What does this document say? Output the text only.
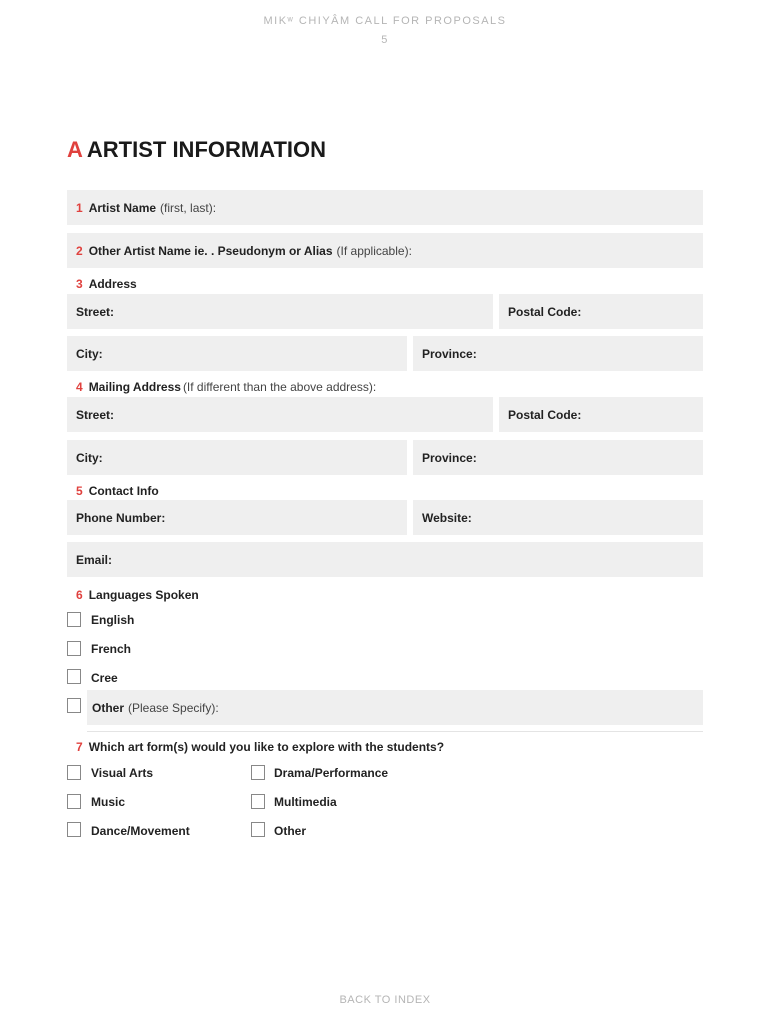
MIKʷ CHIYÂM CALL FOR PROPOSALS
5
A ARTIST INFORMATION
1 Artist Name (first, last):
2 Other Artist Name ie. . Pseudonym or Alias (If applicable):
3 Address
Street:	Postal Code:
City:	Province:
4 Mailing Address (If different than the above address):
Street:	Postal Code:
City:	Province:
5 Contact Info
Phone Number:	Website:
Email:
6 Languages Spoken
English
French
Cree
Other (Please Specify):
7 Which art form(s) would you like to explore with the students?
Visual Arts	Drama/Performance
Music	Multimedia
Dance/Movement	Other
BACK TO INDEX
